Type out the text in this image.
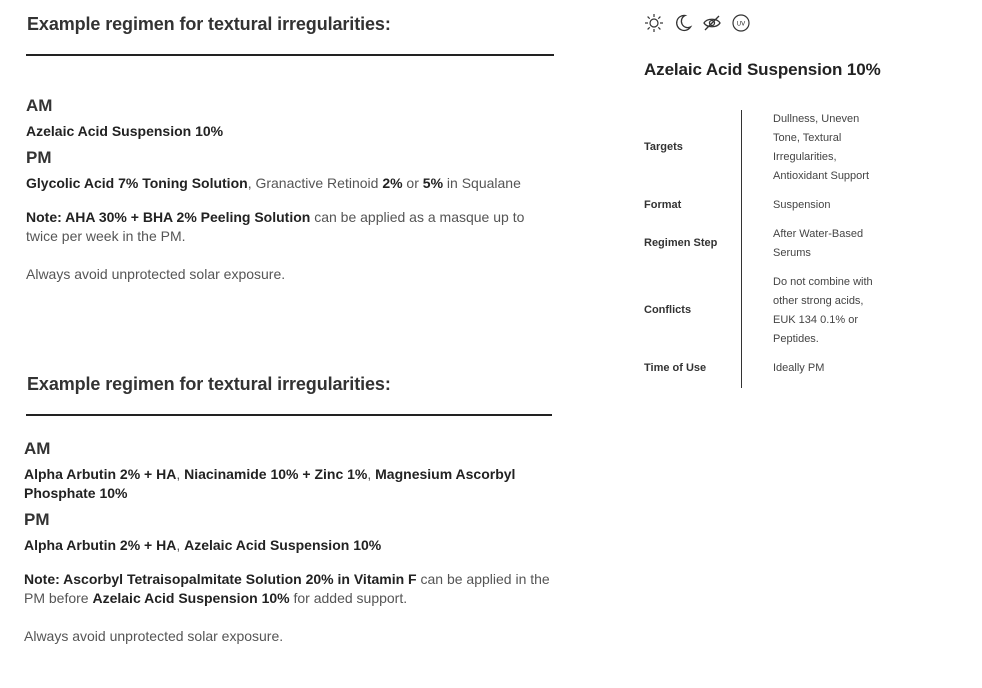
Example regimen for textural irregularities:
AM
Azelaic Acid Suspension 10%
PM
Glycolic Acid 7% Toning Solution, Granactive Retinoid 2% or 5% in Squalane
Note: AHA 30% + BHA 2% Peeling Solution can be applied as a masque up to twice per week in the PM.
Always avoid unprotected solar exposure.
Example regimen for textural irregularities:
AM
Alpha Arbutin 2% + HA, Niacinamide 10% + Zinc 1%, Magnesium Ascorbyl Phosphate 10%
PM
Alpha Arbutin 2% + HA, Azelaic Acid Suspension 10%
Note: Ascorbyl Tetraisopalmitate Solution 20% in Vitamin F can be applied in the PM before Azelaic Acid Suspension 10% for added support.
Always avoid unprotected solar exposure.
UV
Azelaic Acid Suspension 10%
Targets
Dullness, Uneven Tone, Textural Irregularities, Antioxidant Support
Format	Suspension
Regimen Step
After Water-Based Serums
Conflicts
Do not combine with other strong acids, EUK 134 0.1% or Peptides.
Time of Use	Ideally PM
